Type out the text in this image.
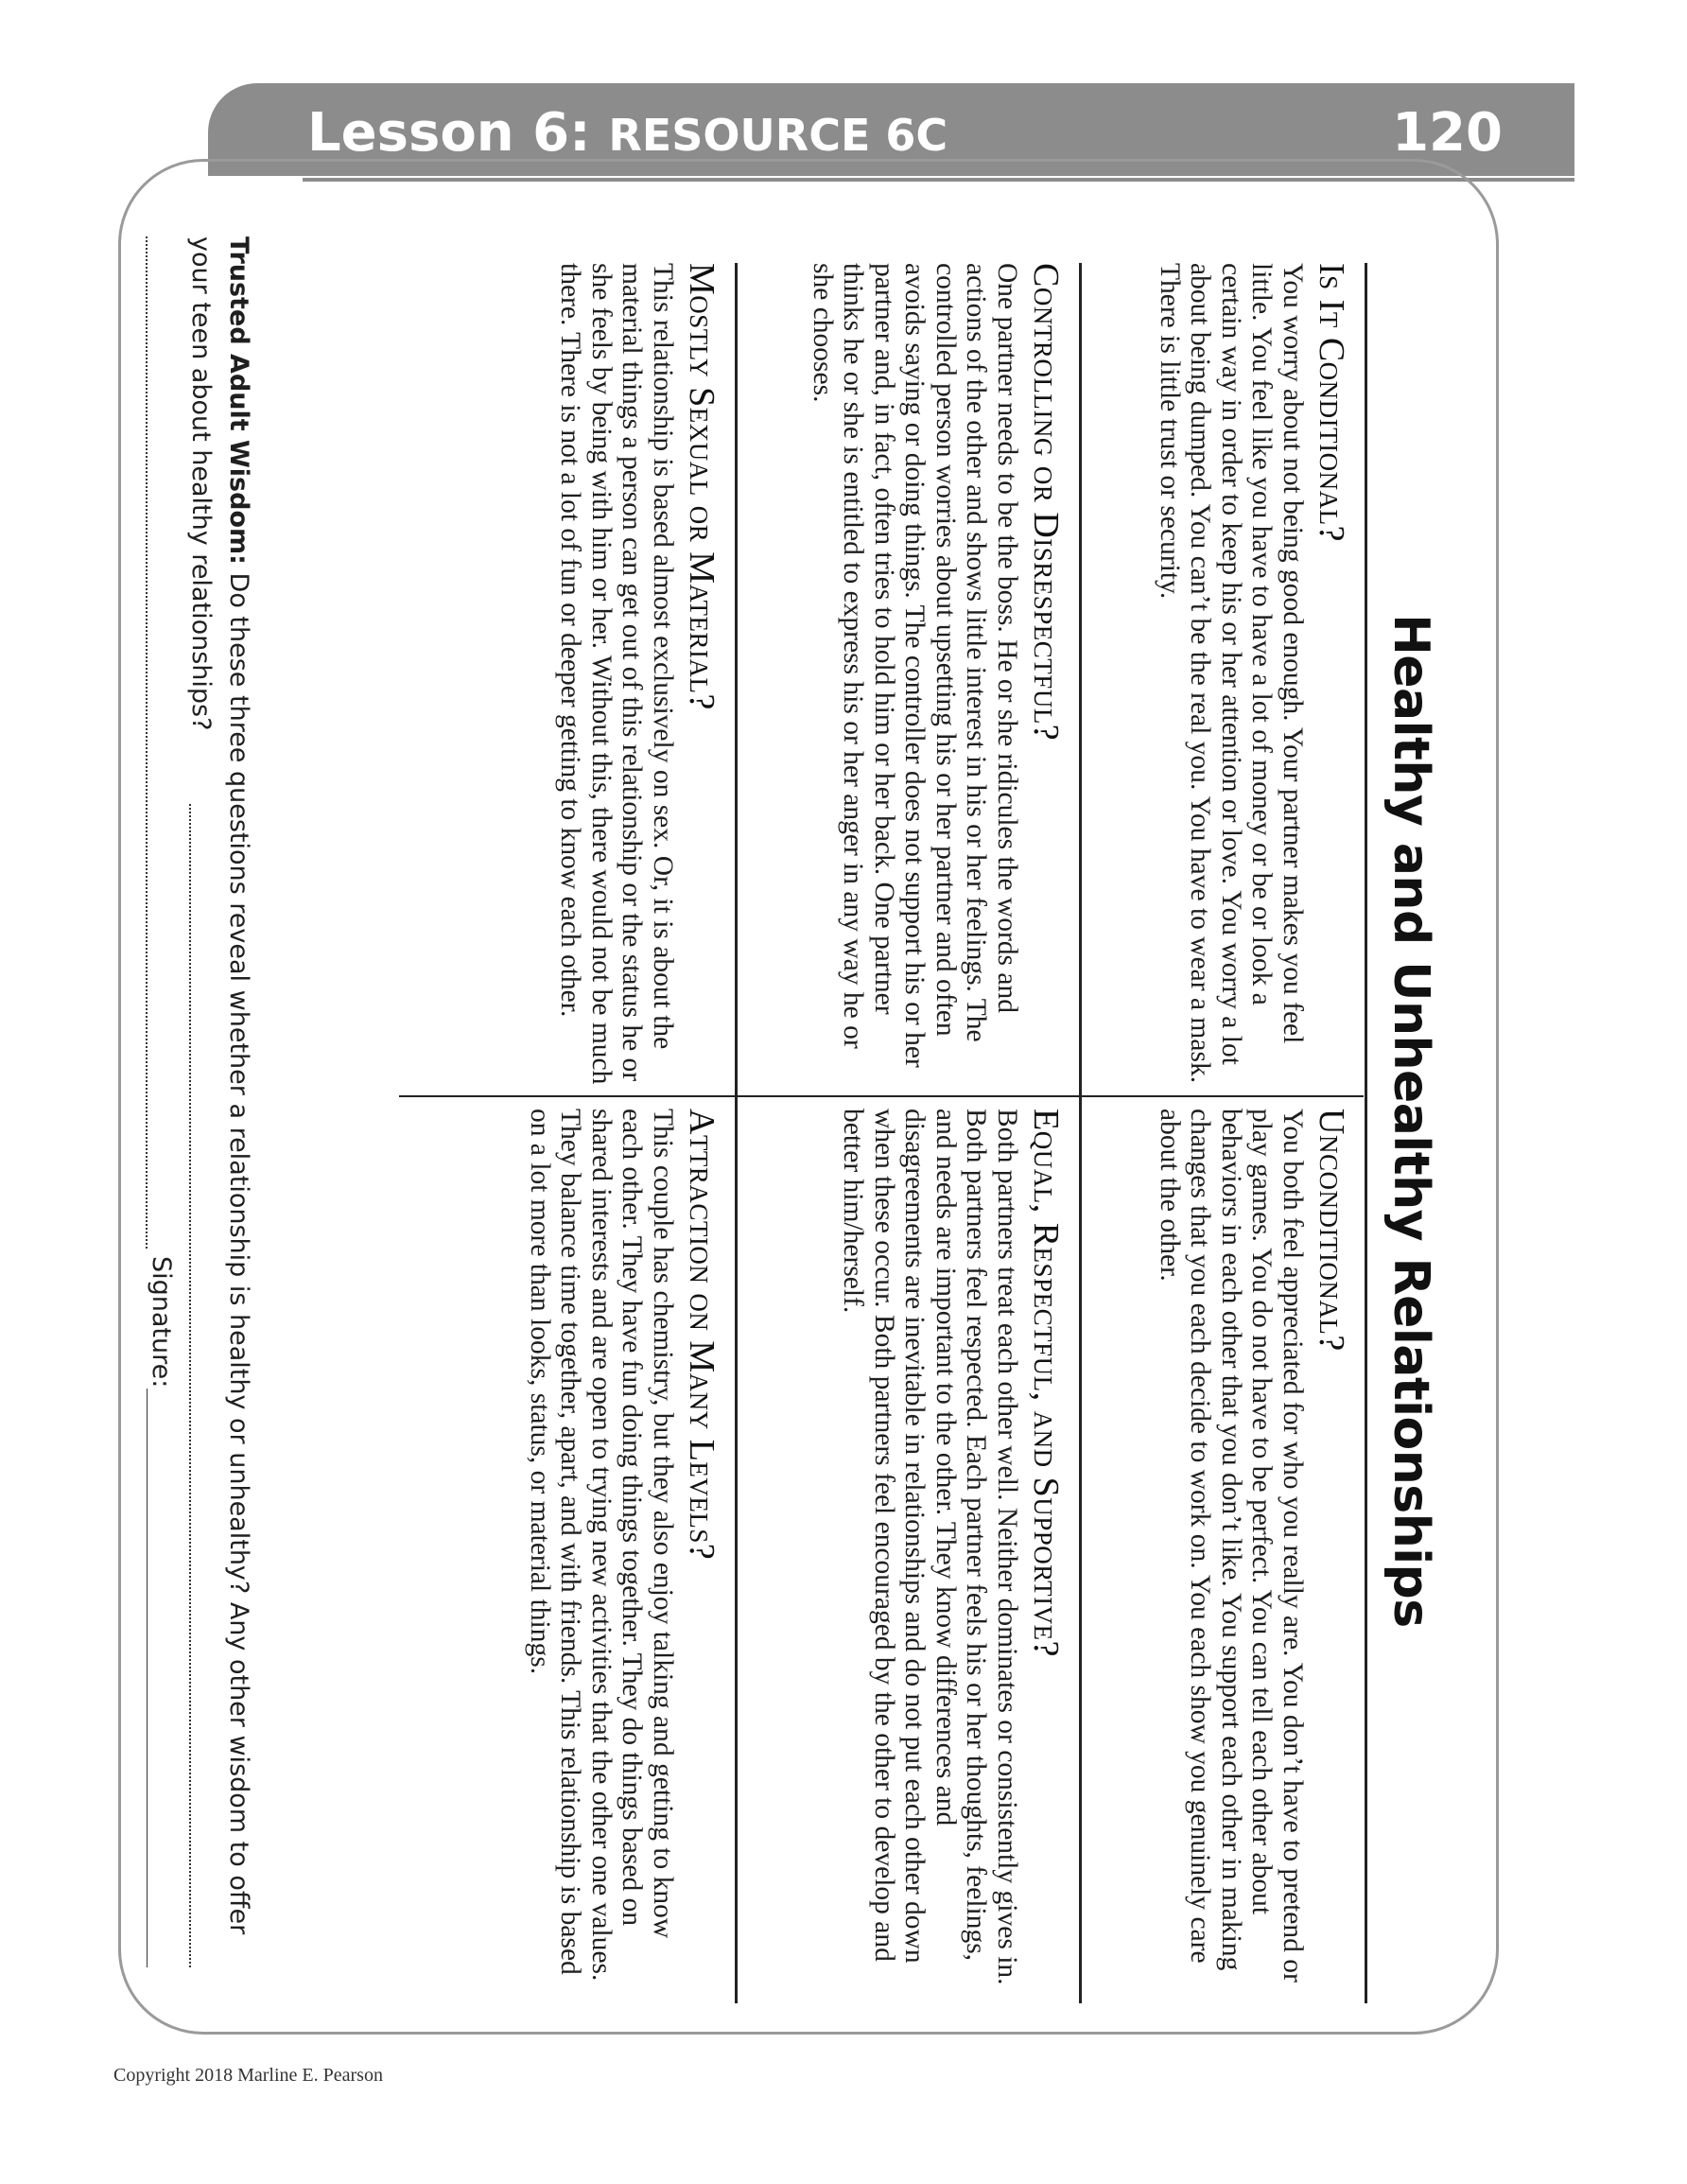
Lesson 6: RESOURCE 6C	120
Healthy and Unhealthy Relationships
Is It Conditional?

You worry about not being good enough. Your partner makes you feel little. You feel like you have to have a lot of money or be or look a certain way in order to keep his or her attention or love. You worry a lot about being dumped. You can’t be the real you. You have to wear a mask. There is little trust or security.

Unconditional?

You both feel appreciated for who you really are. You don’t have to pretend or play games. You do not have to be perfect. You can tell each other about behaviors in each other that you don’t like. You support each other in making changes that you each decide to work on. You each show you genuinely care about the other.

Controlling or Disrespectful?

One partner needs to be the boss. He or she ridicules the words and actions of the other and shows little interest in his or her feelings. The controlled person worries about upsetting his or her partner and often avoids saying or doing things. The controller does not support his or her partner and, in fact, often tries to hold him or her back. One partner thinks he or she is entitled to express his or her anger in any way he or she chooses.

Equal, Respectful, and Supportive?

Both partners treat each other well. Neither dominates or consistently gives in. Both partners feel respected. Each partner feels his or her thoughts, feelings, and needs are important to the other. They know differences and disagreements are inevitable in relationships and do not put each other down when these occur. Both partners feel encouraged by the other to develop and better him/herself.

Mostly Sexual or Material?

This relationship is based almost exclusively on sex. Or, it is about the material things a person can get out of this relationship or the status he or she feels by being with him or her. Without this, there would not be much there. There is not a lot of fun or deeper getting to know each other.

Attraction on Many Levels?

This couple has chemistry, but they also enjoy talking and getting to know each other. They have fun doing things together. They do things based on shared interests and are open to trying new activities that the other one values. They balance time together, apart, and with friends. This relationship is based on a lot more than looks, status, or material things.

Trusted Adult Wisdom: Do these three questions reveal whether a relationship is healthy or unhealthy? Any other wisdom to offer
your teen about healthy relationships?
Signature:
Copyright 2018 Marline E. Pearson
